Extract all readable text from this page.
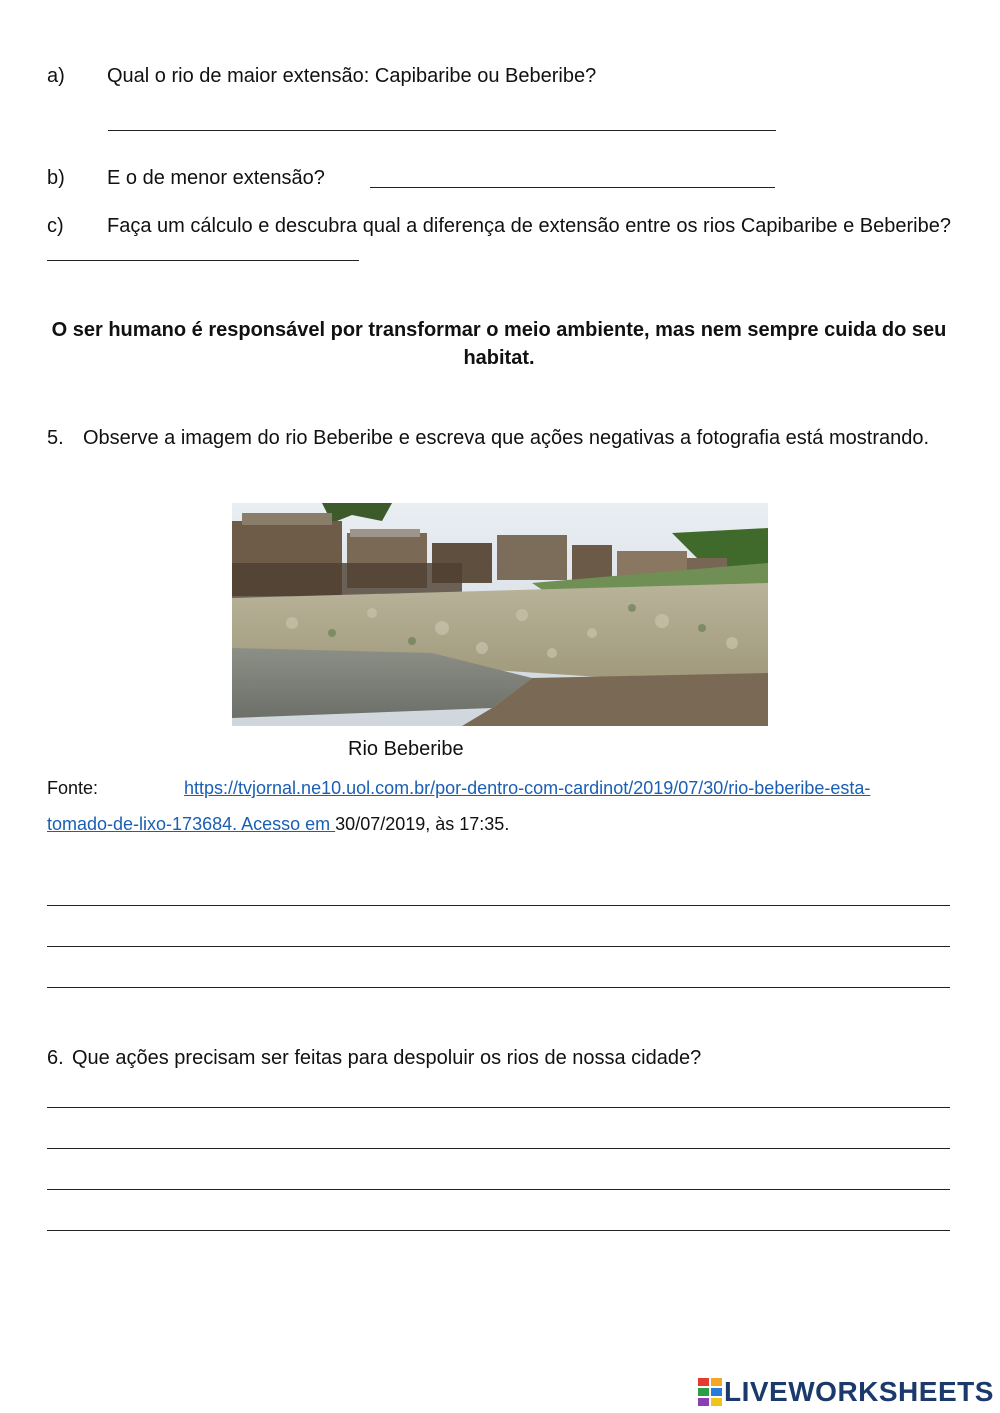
a) Qual o rio de maior extensão: Capibaribe ou Beberibe?
b) E o de menor extensão?
c)	Faça um cálculo e descubra qual a diferença de extensão entre os rios Capibaribe e Beberibe?
O ser humano é responsável por transformar o meio ambiente, mas nem sempre cuida do seu habitat.
5. Observe a imagem do rio Beberibe e escreva que ações negativas a fotografia está mostrando.
Rio Beberibe
Fonte:	https://tvjornal.ne10.uol.com.br/por-dentro-com-cardinot/2019/07/30/rio-beberibe-esta-
tomado-de-lixo-173684. Acesso em 30/07/2019, às 17:35.
6. Que ações precisam ser feitas para despoluir os rios de nossa cidade?
LIVEWORKSHEETS
